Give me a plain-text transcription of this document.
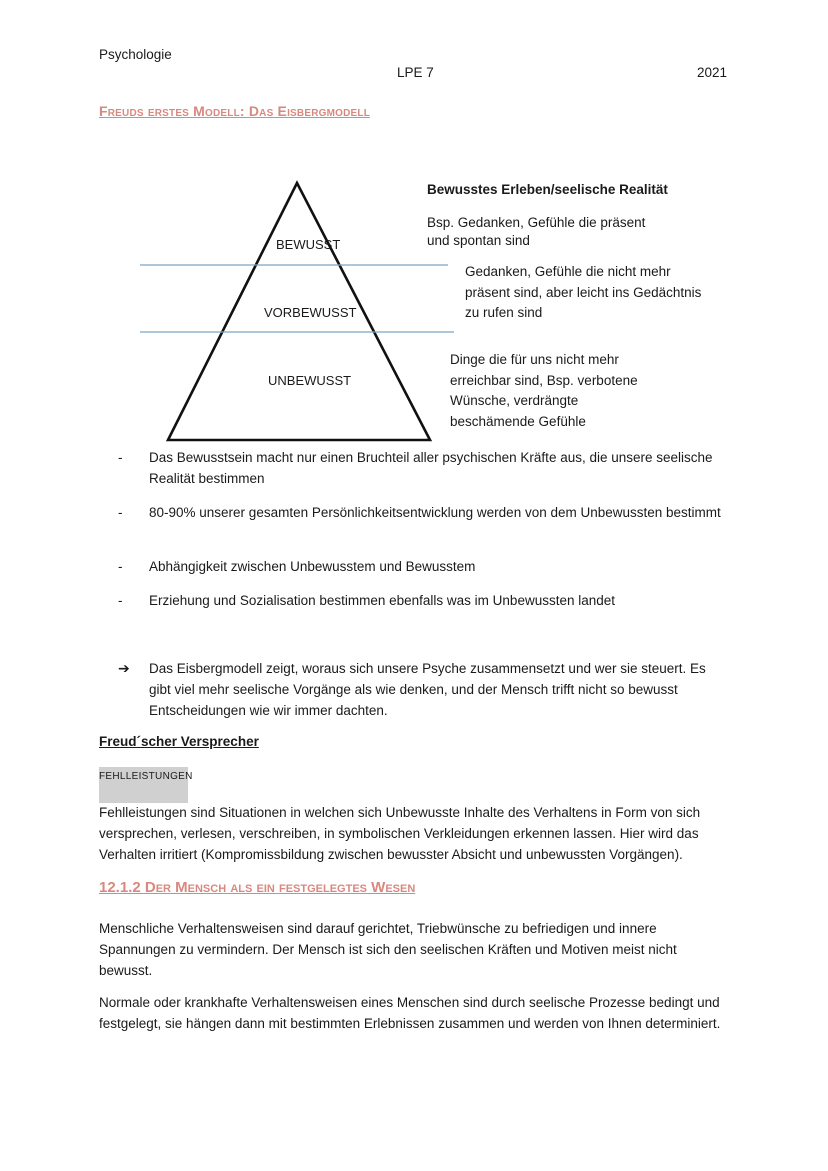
Psychologie
LPE 7	2021
Freuds erstes Modell: Das Eisbergmodell
BEWUSST
VORBEWUSST
UNBEWUSST
Bewusstes Erleben/seelische Realität
Bsp. Gedanken, Gefühle die präsent
und spontan sind
Gedanken, Gefühle die nicht mehr
präsent sind, aber leicht ins Gedächtnis
zu rufen sind
Dinge die für uns nicht mehr
erreichbar sind, Bsp. verbotene
Wünsche, verdrängte
beschämende Gefühle
- Das Bewusstsein macht nur einen Bruchteil aller psychischen Kräfte aus, die unsere seelische Realität bestimmen
- 80-90% unserer gesamten Persönlichkeitsentwicklung werden von dem Unbewussten bestimmt
- Abhängigkeit zwischen Unbewusstem und Bewusstem
- Erziehung und Sozialisation bestimmen ebenfalls was im Unbewussten landet
➔ Das Eisbergmodell zeigt, woraus sich unsere Psyche zusammensetzt und wer sie steuert. Es gibt viel mehr seelische Vorgänge als wie denken, und der Mensch trifft nicht so bewusst Entscheidungen wie wir immer dachten.
Freud´scher Versprecher
FEHLLEISTUNGEN
Fehlleistungen sind Situationen in welchen sich Unbewusste Inhalte des Verhaltens in Form von sich versprechen, verlesen, verschreiben, in symbolischen Verkleidungen erkennen lassen. Hier wird das Verhalten irritiert (Kompromissbildung zwischen bewusster Absicht und unbewussten Vorgängen).
12.1.2 Der Mensch als ein festgelegtes Wesen
Menschliche Verhaltensweisen sind darauf gerichtet, Triebwünsche zu befriedigen und innere Spannungen zu vermindern. Der Mensch ist sich den seelischen Kräften und Motiven meist nicht bewusst.
Normale oder krankhafte Verhaltensweisen eines Menschen sind durch seelische Prozesse bedingt und festgelegt, sie hängen dann mit bestimmten Erlebnissen zusammen und werden von Ihnen determiniert.
